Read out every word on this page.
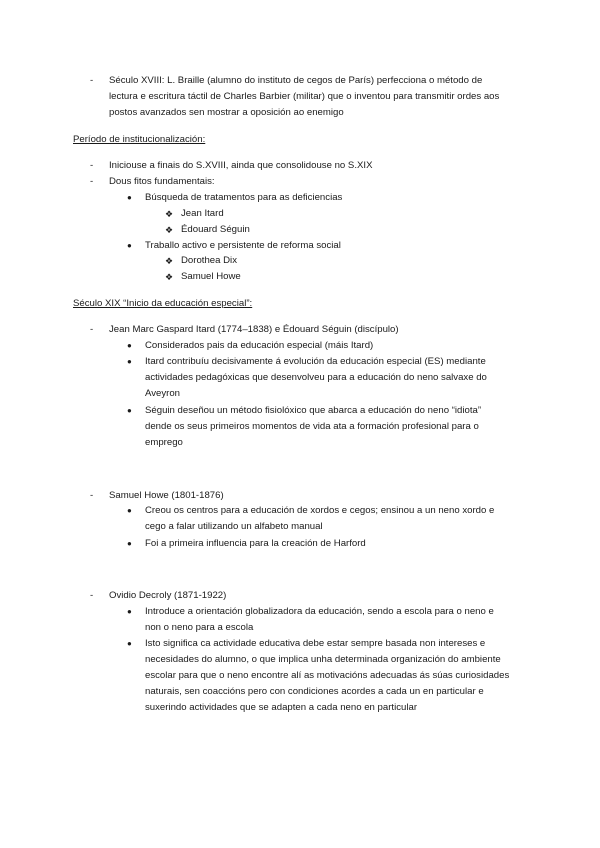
- Século XVIII: L. Braille (alumno do instituto de cegos de París) perfecciona o método de
lectura e escritura táctil de Charles Barbier (militar) que o inventou para transmitir ordes aos
postos avanzados sen mostrar a oposición ao enemigo
Período de institucionalización:
- Iniciouse a finais do S.XVIII, ainda que consolidouse no S.XIX
- Dous fitos fundamentais:
● Búsqueda de tratamentos para as deficiencias
❖ Jean Itard
❖ Édouard Séguin
● Traballo activo e persistente de reforma social
❖ Dorothea Dix
❖ Samuel Howe
Século XIX “Inicio da educación especial”:
- Jean Marc Gaspard Itard (1774–1838) e Édouard Séguin (discípulo)
● Considerados pais da educación especial (máis Itard)
● Itard contribuíu decisivamente á evolución da educación especial (ES) mediante
actividades pedagóxicas que desenvolveu para a educación do neno salvaxe do
Aveyron
● Séguin deseñou un método fisiolóxico que abarca a educación do neno “idiota”
dende os seus primeiros momentos de vida ata a formación profesional para o
emprego
- Samuel Howe (1801-1876)
● Creou os centros para a educación de xordos e cegos; ensinou a un neno xordo e
cego a falar utilizando un alfabeto manual
● Foi a primeira influencia para la creación de Harford
- Ovidio Decroly (1871-1922)
● Introduce a orientación globalizadora da educación, sendo a escola para o neno e
non o neno para a escola
● Isto significa ca actividade educativa debe estar sempre basada non intereses e
necesidades do alumno, o que implica unha determinada organización do ambiente
escolar para que o neno encontre alí as motivacións adecuadas ás súas curiosidades
naturais, sen coaccións pero con condiciones acordes a cada un en particular e
suxerindo actividades que se adapten a cada neno en particular
